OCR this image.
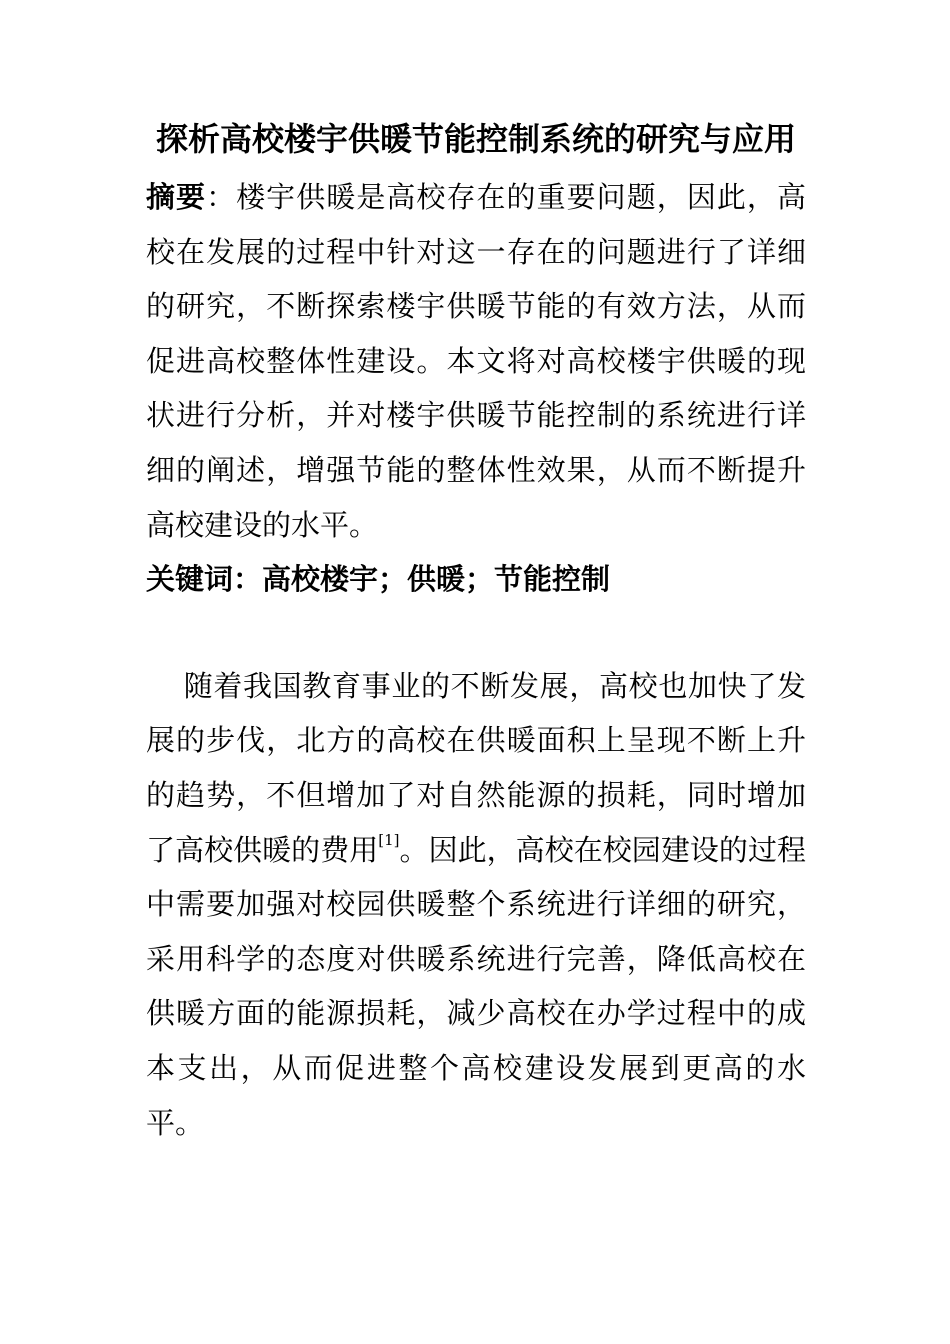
探析高校楼宇供暖节能控制系统的研究与应用

摘要：楼宇供暖是高校存在的重要问题，因此，高校在发展的过程中针对这一存在的问题进行了详细的研究，不断探索楼宇供暖节能的有效方法，从而促进高校整体性建设。本文将对高校楼宇供暖的现状进行分析，并对楼宇供暖节能控制的系统进行详细的阐述，增强节能的整体性效果，从而不断提升高校建设的水平。

关键词：高校楼宇；供暖；节能控制

随着我国教育事业的不断发展，高校也加快了发展的步伐，北方的高校在供暖面积上呈现不断上升的趋势，不但增加了对自然能源的损耗，同时增加了高校供暖的费用[1]。因此，高校在校园建设的过程中需要加强对校园供暖整个系统进行详细的研究，采用科学的态度对供暖系统进行完善，降低高校在供暖方面的能源损耗，减少高校在办学过程中的成本支出，从而促进整个高校建设发展到更高的水平。
